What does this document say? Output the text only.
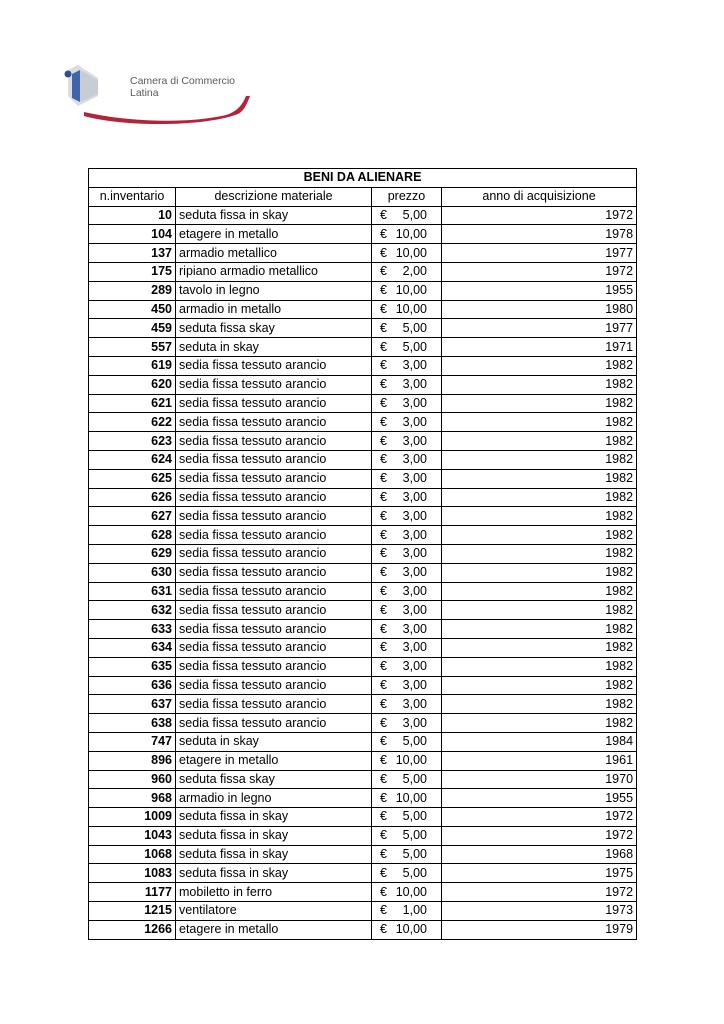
Camera di Commercio
Latina
BENI DA ALIENARE			
n.inventario	descrizione materiale	prezzo	anno di acquisizione
10	seduta fissa in skay	€ 5,00	1972
104	etagere in metallo	€ 10,00	1978
137	armadio metallico	€ 10,00	1977
175	ripiano armadio metallico	€ 2,00	1972
289	tavolo in legno	€ 10,00	1955
450	armadio in metallo	€ 10,00	1980
459	seduta fissa skay	€ 5,00	1977
557	seduta in skay	€ 5,00	1971
619	sedia fissa tessuto arancio	€ 3,00	1982
620	sedia fissa tessuto arancio	€ 3,00	1982
621	sedia fissa tessuto arancio	€ 3,00	1982
622	sedia fissa tessuto arancio	€ 3,00	1982
623	sedia fissa tessuto arancio	€ 3,00	1982
624	sedia fissa tessuto arancio	€ 3,00	1982
625	sedia fissa tessuto arancio	€ 3,00	1982
626	sedia fissa tessuto arancio	€ 3,00	1982
627	sedia fissa tessuto arancio	€ 3,00	1982
628	sedia fissa tessuto arancio	€ 3,00	1982
629	sedia fissa tessuto arancio	€ 3,00	1982
630	sedia fissa tessuto arancio	€ 3,00	1982
631	sedia fissa tessuto arancio	€ 3,00	1982
632	sedia fissa tessuto arancio	€ 3,00	1982
633	sedia fissa tessuto arancio	€ 3,00	1982
634	sedia fissa tessuto arancio	€ 3,00	1982
635	sedia fissa tessuto arancio	€ 3,00	1982
636	sedia fissa tessuto arancio	€ 3,00	1982
637	sedia fissa tessuto arancio	€ 3,00	1982
638	sedia fissa tessuto arancio	€ 3,00	1982
747	seduta in skay	€ 5,00	1984
896	etagere in metallo	€ 10,00	1961
960	seduta fissa skay	€ 5,00	1970
968	armadio in legno	€ 10,00	1955
1009	seduta fissa in skay	€ 5,00	1972
1043	seduta fissa in skay	€ 5,00	1972
1068	seduta fissa in skay	€ 5,00	1968
1083	seduta fissa in skay	€ 5,00	1975
1177	mobiletto in ferro	€ 10,00	1972
1215	ventilatore	€ 1,00	1973
1266	etagere in metallo	€ 10,00	1979
